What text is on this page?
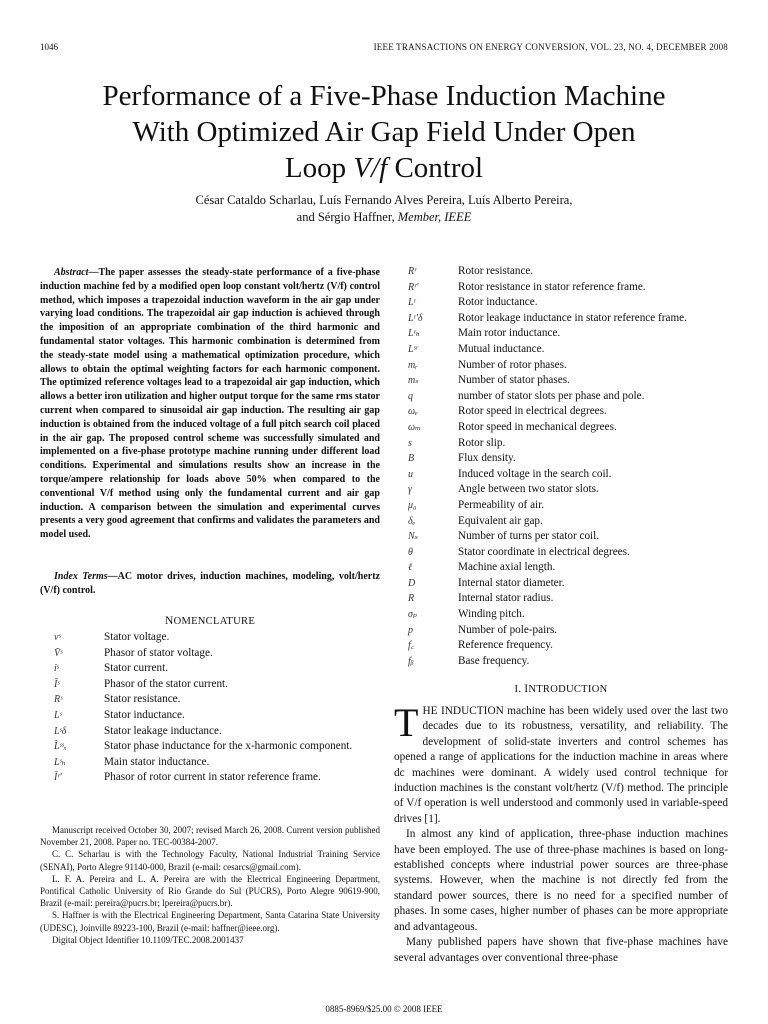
1046	IEEE TRANSACTIONS ON ENERGY CONVERSION, VOL. 23, NO. 4, DECEMBER 2008
Performance of a Five-Phase Induction Machine
With Optimized Air Gap Field Under Open
Loop V/f Control
César Cataldo Scharlau, Luís Fernando Alves Pereira, Luís Alberto Pereira,
and Sérgio Haffner, Member, IEEE
Abstract—The paper assesses the steady-state performance of a five-phase induction machine fed by a modified open loop constant volt/hertz (V/f) control method, which imposes a trapezoidal induction waveform in the air gap under varying load conditions. The trapezoidal air gap induction is achieved through the imposition of an appropriate combination of the third harmonic and fundamental stator voltages. This harmonic combination is determined from the steady-state model using a mathematical optimization procedure, which allows to obtain the optimal weighting factors for each harmonic component. The optimized reference voltages lead to a trapezoidal air gap induction, which allows a better iron utilization and higher output torque for the same rms stator current when compared to sinusoidal air gap induction. The resulting air gap induction is obtained from the induced voltage of a full pitch search coil placed in the air gap. The proposed control scheme was successfully simulated and implemented on a five-phase prototype machine running under different load conditions. Experimental and simulations results show an increase in the torque/ampere relationship for loads above 50% when compared to the conventional V/f method using only the fundamental current and air gap induction. A comparison between the simulation and experimental curves presents a very good agreement that confirms and validates the parameters and model used.
Index Terms—AC motor drives, induction machines, modeling, volt/hertz (V/f) control.
NOMENCLATURE
vˢ	Stator voltage.
V̄ˢ	Phasor of stator voltage.
iˢ	Stator current.
Īˢ	Phasor of the stator current.
Rˢ	Stator resistance.
Lˢ	Stator inductance.
Lˢδ	Stator leakage inductance.
L̂ˢˢₓ	Stator phase inductance for the x-harmonic component.
Lˢₕ	Main stator inductance.
Īʳ'	Phasor of rotor current in stator reference frame.

Manuscript received October 30, 2007; revised March 26, 2008. Current version published November 21, 2008. Paper no. TEC-00384-2007.

C. C. Scharlau is with the Technology Faculty, National Industrial Training Service (SENAI), Porto Alegre 91140-000, Brazil (e-mail: cesarcs@gmail.com).

L. F. A. Pereira and L. A. Pereira are with the Electrical Engineering Department, Pontifical Catholic University of Rio Grande do Sul (PUCRS), Porto Alegre 90619-900, Brazil (e-mail: pereira@pucrs.br; lpereira@pucrs.br).

S. Haffner is with the Electrical Engineering Department, Santa Catarina State University (UDESC), Joinville 89223-100, Brazil (e-mail: haffner@ieee.org).

Digital Object Identifier 10.1109/TEC.2008.2001437

Rʳ	Rotor resistance.
Rʳ'	Rotor resistance in stator reference frame.
Lʳ	Rotor inductance.
Lʳ'δ	Rotor leakage inductance in stator reference frame.
Lʳₕ	Main rotor inductance.
Lˢʳ	Mutual inductance.
mᵣ	Number of rotor phases.
mₛ	Number of stator phases.
q	number of stator slots per phase and pole.
ωₑ	Rotor speed in electrical degrees.
ωₘ	Rotor speed in mechanical degrees.
s	Rotor slip.
B	Flux density.
u	Induced voltage in the search coil.
γ	Angle between two stator slots.
μ₀	Permeability of air.
δₑ	Equivalent air gap.
Nₛ	Number of turns per stator coil.
θ	Stator coordinate in electrical degrees.
ℓ	Machine axial length.
D	Internal stator diameter.
R	Internal stator radius.
σₚ	Winding pitch.
p	Number of pole-pairs.
f꜀	Reference frequency.
fᵦ	Base frequency.
I. INTRODUCTION

THE INDUCTION machine has been widely used over the last two decades due to its robustness, versatility, and reliability. The development of solid-state inverters and control schemes has opened a range of applications for the induction machine in areas where dc machines were dominant. A widely used control technique for induction machines is the constant volt/hertz (V/f) method. The principle of V/f operation is well understood and commonly used in variable-speed drives [1].

In almost any kind of application, three-phase induction machines have been employed. The use of three-phase machines is based on long-established concepts where industrial power sources are three-phase systems. However, when the machine is not directly fed from the standard power sources, there is no need for a specified number of phases. In some cases, higher number of phases can be more appropriate and advantageous.

Many published papers have shown that five-phase machines have several advantages over conventional three-phase

0885-8969/$25.00 © 2008 IEEE
